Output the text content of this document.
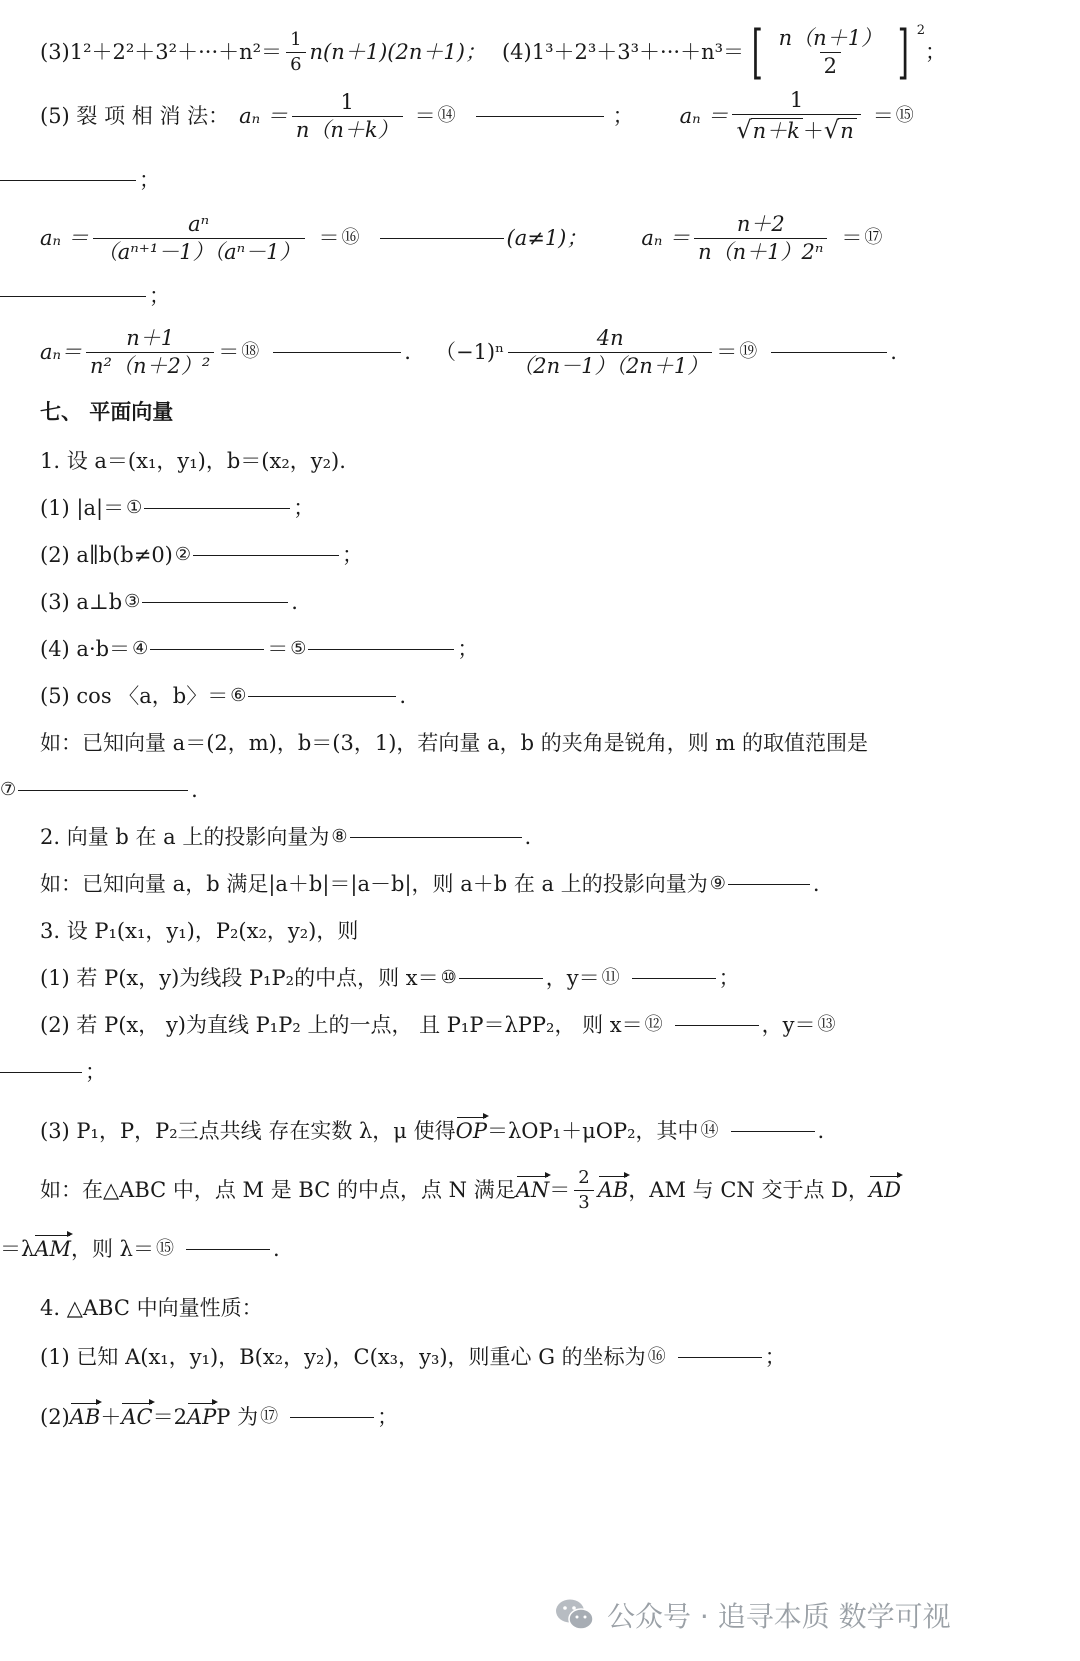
(3) $1^2+2^2+3^2+\cdot\cdot\cdot+n^2= \frac{1}{6} n(n+1)(2n+1)$； (4) 1³＋2³＋3³＋···＋n³＝ [ $\frac{n(n+1)}{2}$ ] 2
；
(5) 裂 项 相 消 法： $a_n = \frac{1}{n(n+k)}$ ＝ ⑭	； $a_n = \frac{1}{√ n+k + √ n}$ ＝ ⑮
；
$a_n = \frac{\text{aⁿ}}{\text{（aⁿ⁺¹－1）（aⁿ－1）}}$ ＝ ⑯	(a≠1)；	$a_n = \frac{n+2}{\text{n（n＋1）2ⁿ}}$ ＝ ⑰
；
$a_n= \frac{n+1}{\text{n²（n＋2）²}}$ ＝ ⑱	. $(-1)^n \frac{4n}{(2n-1)(2n+1)}$ ＝ ⑲	.
七、 平面向量
1. 设 a＝(x₁，y₁)，b＝(x₂，y₂).
(1) |a|＝ ①	；
(2) a∥b(b≠0) ②	；
(3) a⊥b ③	.
(4) a·b＝ ④	＝ ⑤	；
(5) cos 〈a，b〉＝ ⑥	.
如：已知向量 a＝(2，m)，b＝(3，1)，若向量 a，b 的夹角是锐角，则 m 的取值范围是
⑦	.
2. 向量 b 在 a 上的投影向量为 ⑧	.
如：已知向量 a，b 满足|a＋b|＝|a－b|，则 a＋b 在 a 上的投影向量为 ⑨	.
3. 设 P₁(x₁，y₁)，P₂(x₂，y₂)，则
(1) 若 P(x，y)为线段 P₁P₂的中点，则 x＝ ⑩	，y＝ ⑪	；
(2) 若 P(x， y)为直线 P₁P₂ 上的一点， 且 P₁P＝λPP₂， 则 x＝ ⑫	，y＝ ⑬
；
(3) P₁，P，P₂三点共线 存在实数 λ，μ 使得 OP ＝λOP₁＋μOP₂，其中 ⑭	.
如：在△ABC 中，点 M 是 BC 的中点，点 N 满足 AN ＝ $\frac{2}{3}$ AB ，AM 与 CN 交于点 D， AD
＝λ AM ，则 λ＝ ⑮	.
4. △ABC 中向量性质：
(1) 已知 A(x₁，y₁)，B(x₂，y₂)，C(x₃，y₃)，则重心 G 的坐标为 ⑯	；
(2) AB ＋ AC ＝2 AP P 为 ⑰	；
公众号 · 追寻本质 数学可视
